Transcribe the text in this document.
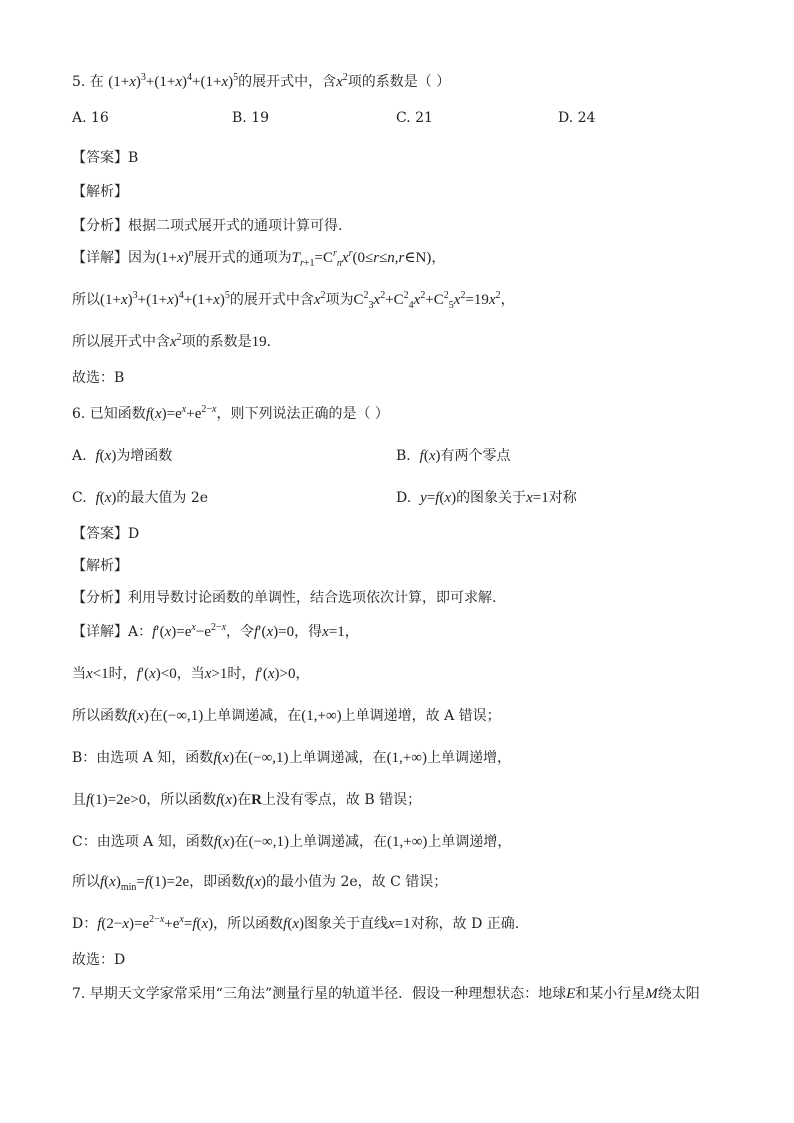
5. 在 $(1+x)^3+(1+x)^4+(1+x)^5$的展开式中，含$x^2$项的系数是（ ）
A. 16	B. 19	C. 21	D. 24
【答案】B
【解析】
【分析】根据二项式展开式的通项计算可得.
【详解】因为$(1+x)^n$展开式的通项为$T_{r+1}=C^r_nx^r(0\le r\le n,r\in N)$，
所以$(1+x)^3+(1+x)^4+(1+x)^5$的展开式中含$x^2$项为$C^2_3x^2+C^2_4x^2+C^2_5x^2=19x^2$，
所以展开式中含$x^2$项的系数是19.
故选：B
6. 已知函数$f(x)=e^x+e^{2-x}$，则下列说法正确的是（ ）
A.  f(x)为增函数	B.  f(x)有两个零点
C.  f(x)的最大值为 2e	D.  y=f(x)的图象关于x=1对称
【答案】D
【解析】
【分析】利用导数讨论函数的单调性，结合选项依次计算，即可求解.
【详解】A：$f'(x)=e^x-e^{2-x}$，令f′(x)=0，得x=1，
当x<1时，f′(x)<0，当x>1时，f′(x)>0，
所以函数f(x)在(−∞,1)上单调递减，在(1,+∞)上单调递增，故 A 错误；
B：由选项 A 知，函数f(x)在(−∞,1)上单调递减，在(1,+∞)上单调递增，
且f(1)=2e>0，所以函数f(x)在R上没有零点，故 B 错误；
C：由选项 A 知，函数f(x)在(−∞,1)上单调递减，在(1,+∞)上单调递增，
所以$f(x)_{min}=f(1)=2e$，即函数f(x)的最小值为 2e，故 C 错误；
D：$f(2-x)=e^{2-x}+e^x=f(x)$，所以函数f(x)图象关于直线x=1对称，故 D 正确.
故选：D
7. 早期天文学家常采用“三角法”测量行星的轨道半径．假设一种理想状态：地球E和某小行星M绕太阳
